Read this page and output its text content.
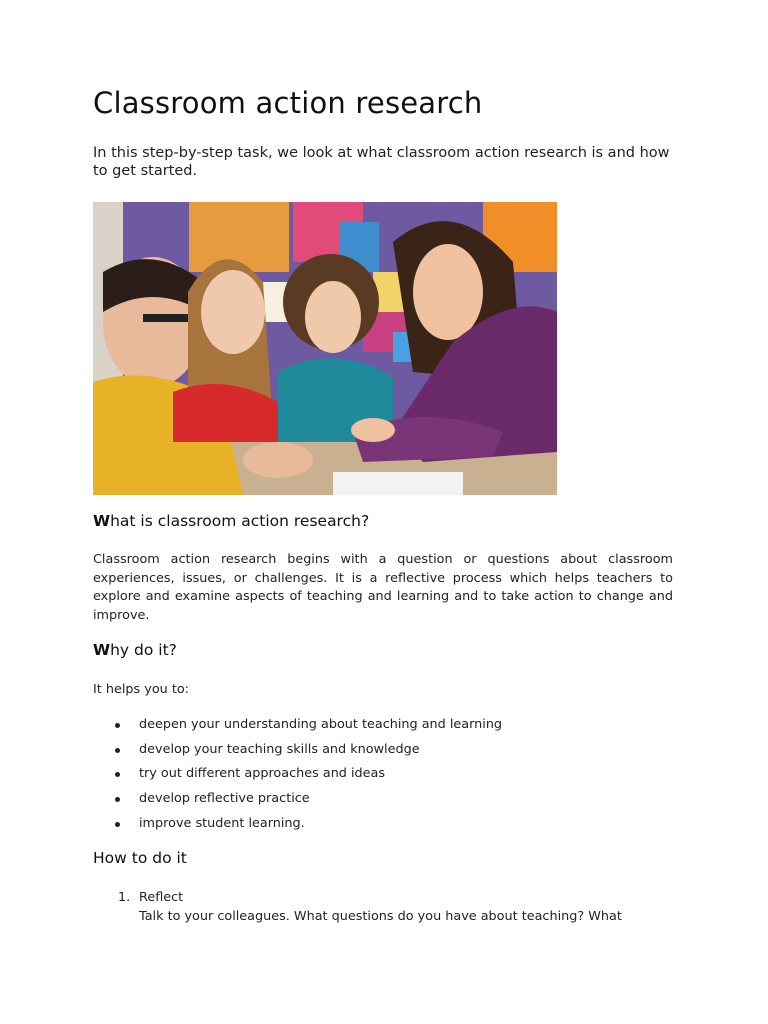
Classroom action research

In this step-by-step task, we look at what classroom action research is and how to get started.

What is classroom action research?

Classroom action research begins with a question or questions about classroom experiences, issues, or challenges. It is a reflective process which helps teachers to explore and examine aspects of teaching and learning and to take action to change and improve.

Why do it?

It helps you to:

deepen your understanding about teaching and learning
develop your teaching skills and knowledge
try out different approaches and ideas
develop reflective practice
improve student learning.
How to do it
1. Reflect
Talk to your colleagues. What questions do you have about teaching? What
